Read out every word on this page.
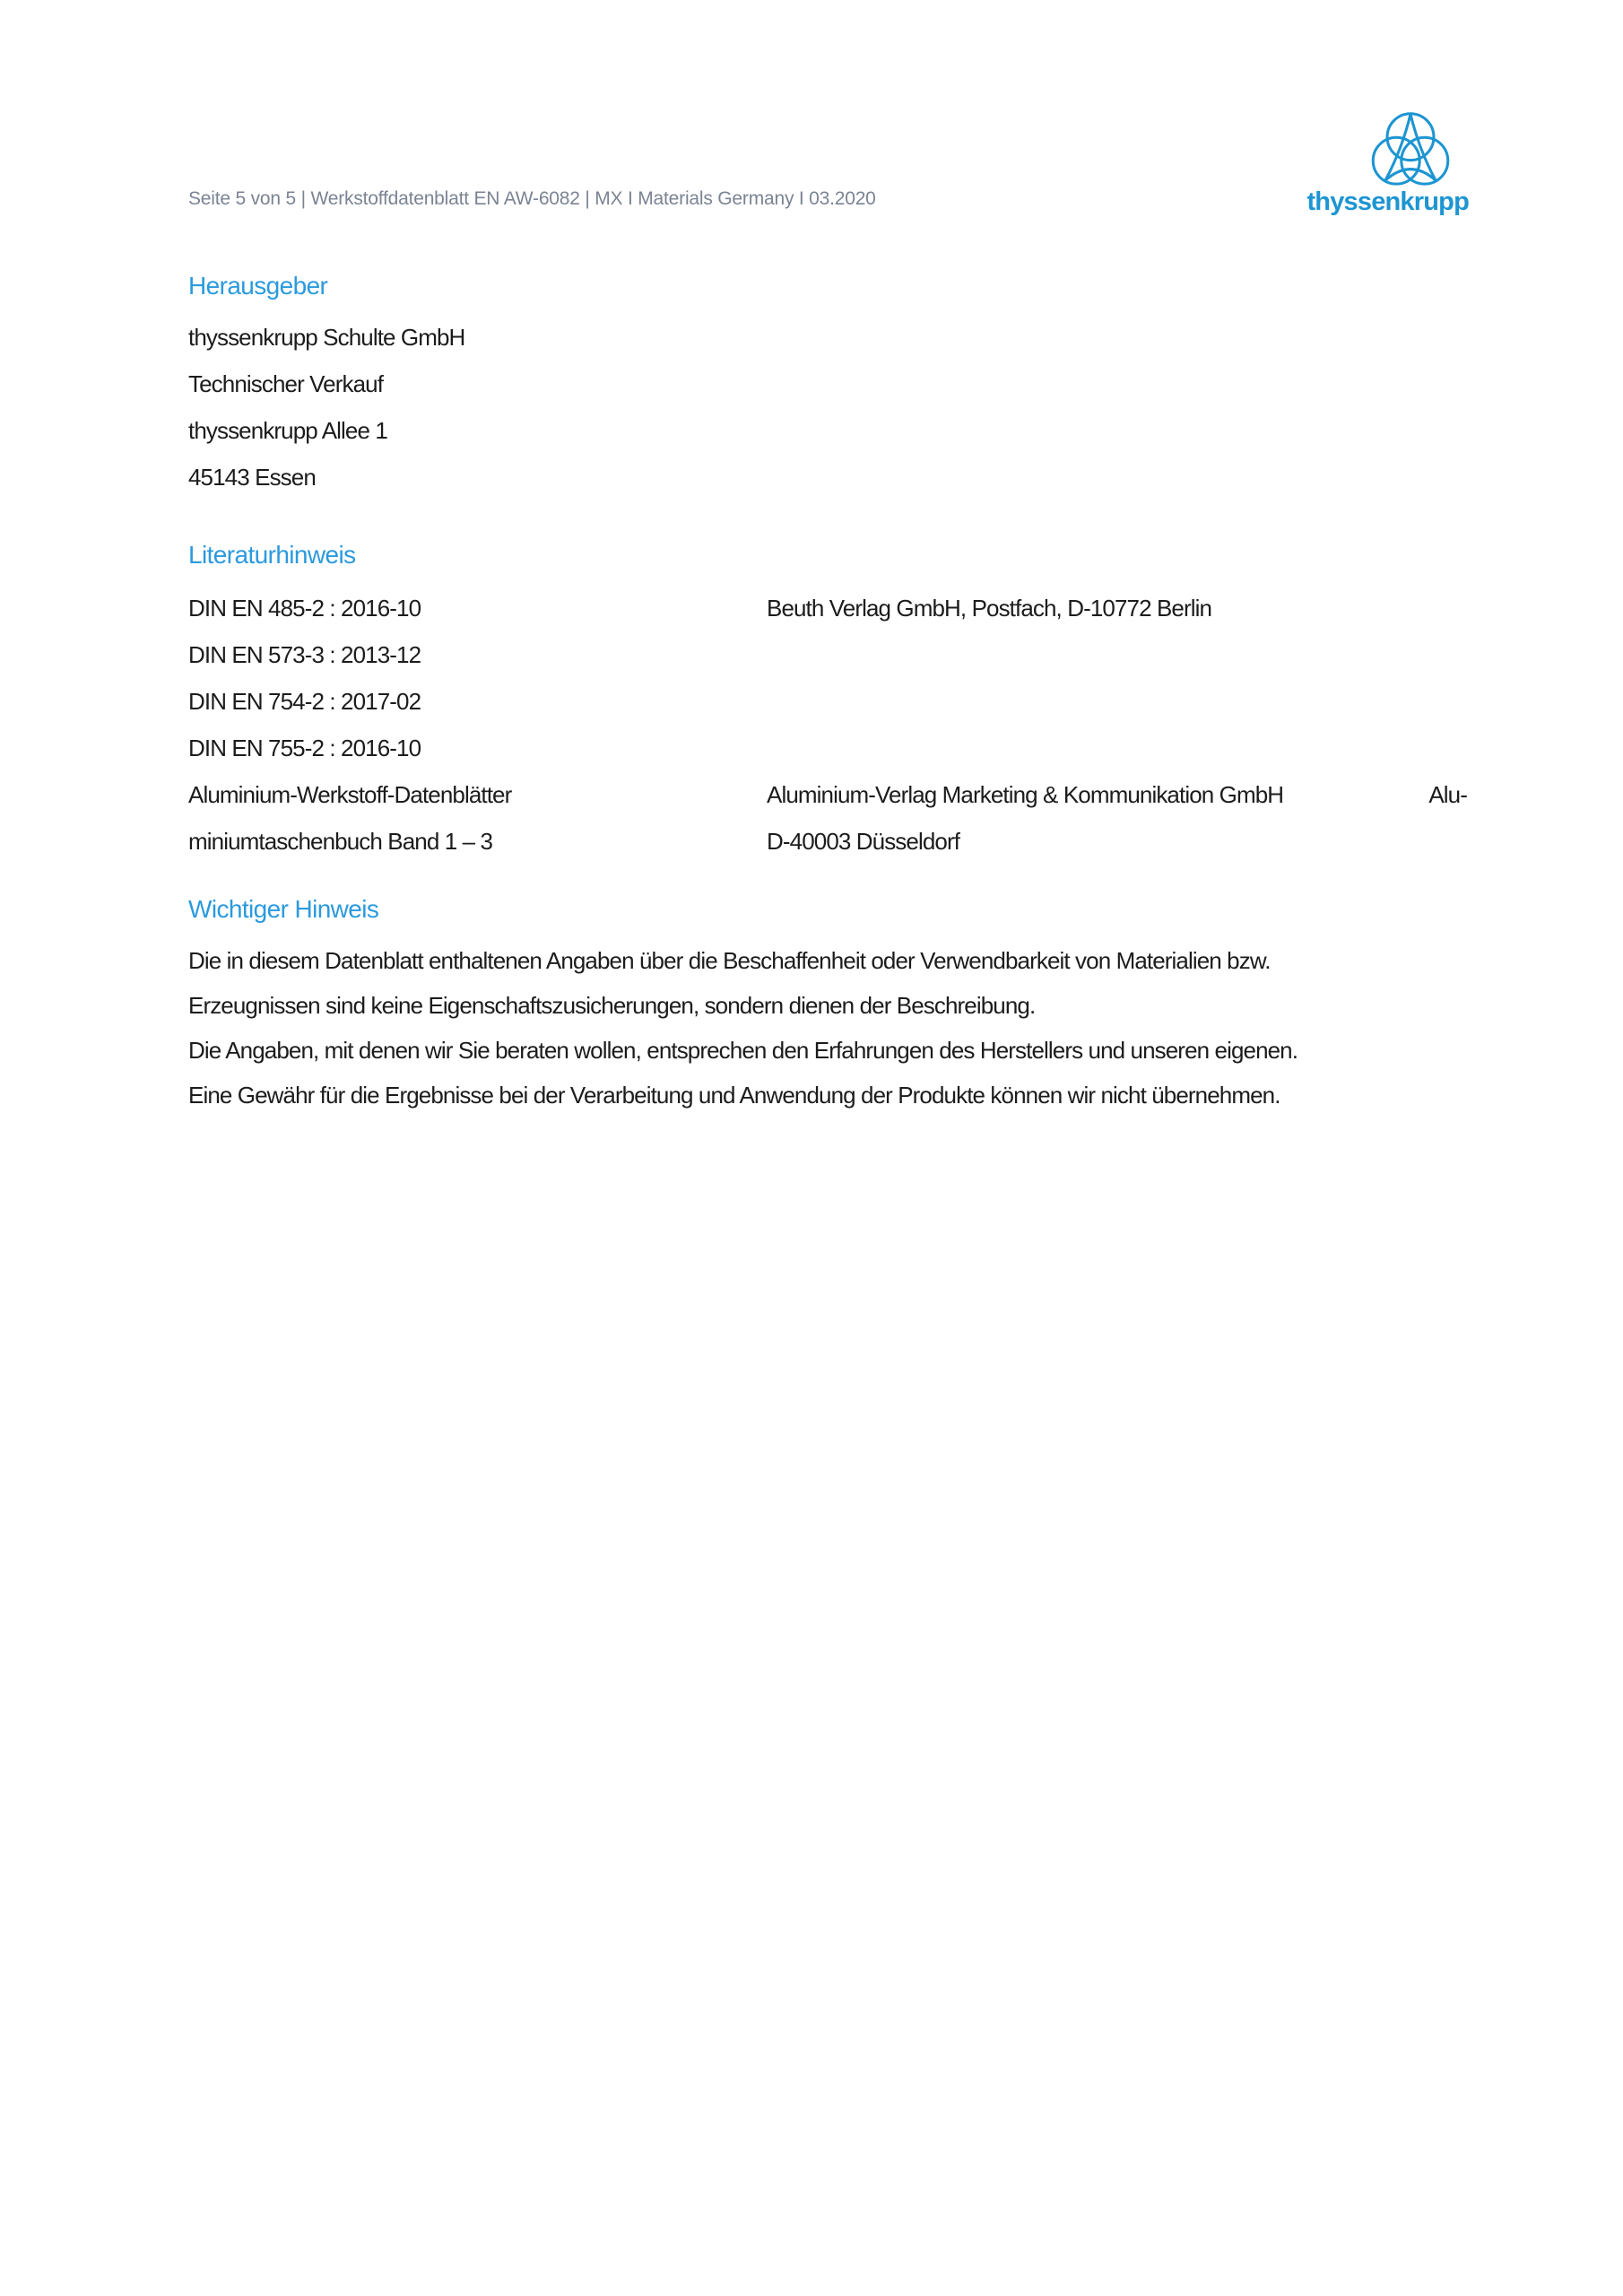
Seite 5 von 5 | Werkstoffdatenblatt EN AW-6082 | MX I Materials Germany I 03.2020	thyssenkrupp
Herausgeber
thyssenkrupp Schulte GmbH
Technischer Verkauf
thyssenkrupp Allee 1
45143 Essen
Literaturhinweis
DIN EN 485-2 : 2016-10	Beuth Verlag GmbH, Postfach, D-10772 Berlin
DIN EN 573-3 : 2013-12
DIN EN 754-2 : 2017-02
DIN EN 755-2 : 2016-10
Aluminium-Werkstoff-Datenblätter	Aluminium-Verlag Marketing & Kommunikation GmbH	Alu-
miniumtaschenbuch Band 1 – 3	D-40003 Düsseldorf
Wichtiger Hinweis
Die in diesem Datenblatt enthaltenen Angaben über die Beschaffenheit oder Verwendbarkeit von Materialien bzw.
Erzeugnissen sind keine Eigenschaftszusicherungen, sondern dienen der Beschreibung.
Die Angaben, mit denen wir Sie beraten wollen, entsprechen den Erfahrungen des Herstellers und unseren eigenen.
Eine Gewähr für die Ergebnisse bei der Verarbeitung und Anwendung der Produkte können wir nicht übernehmen.
